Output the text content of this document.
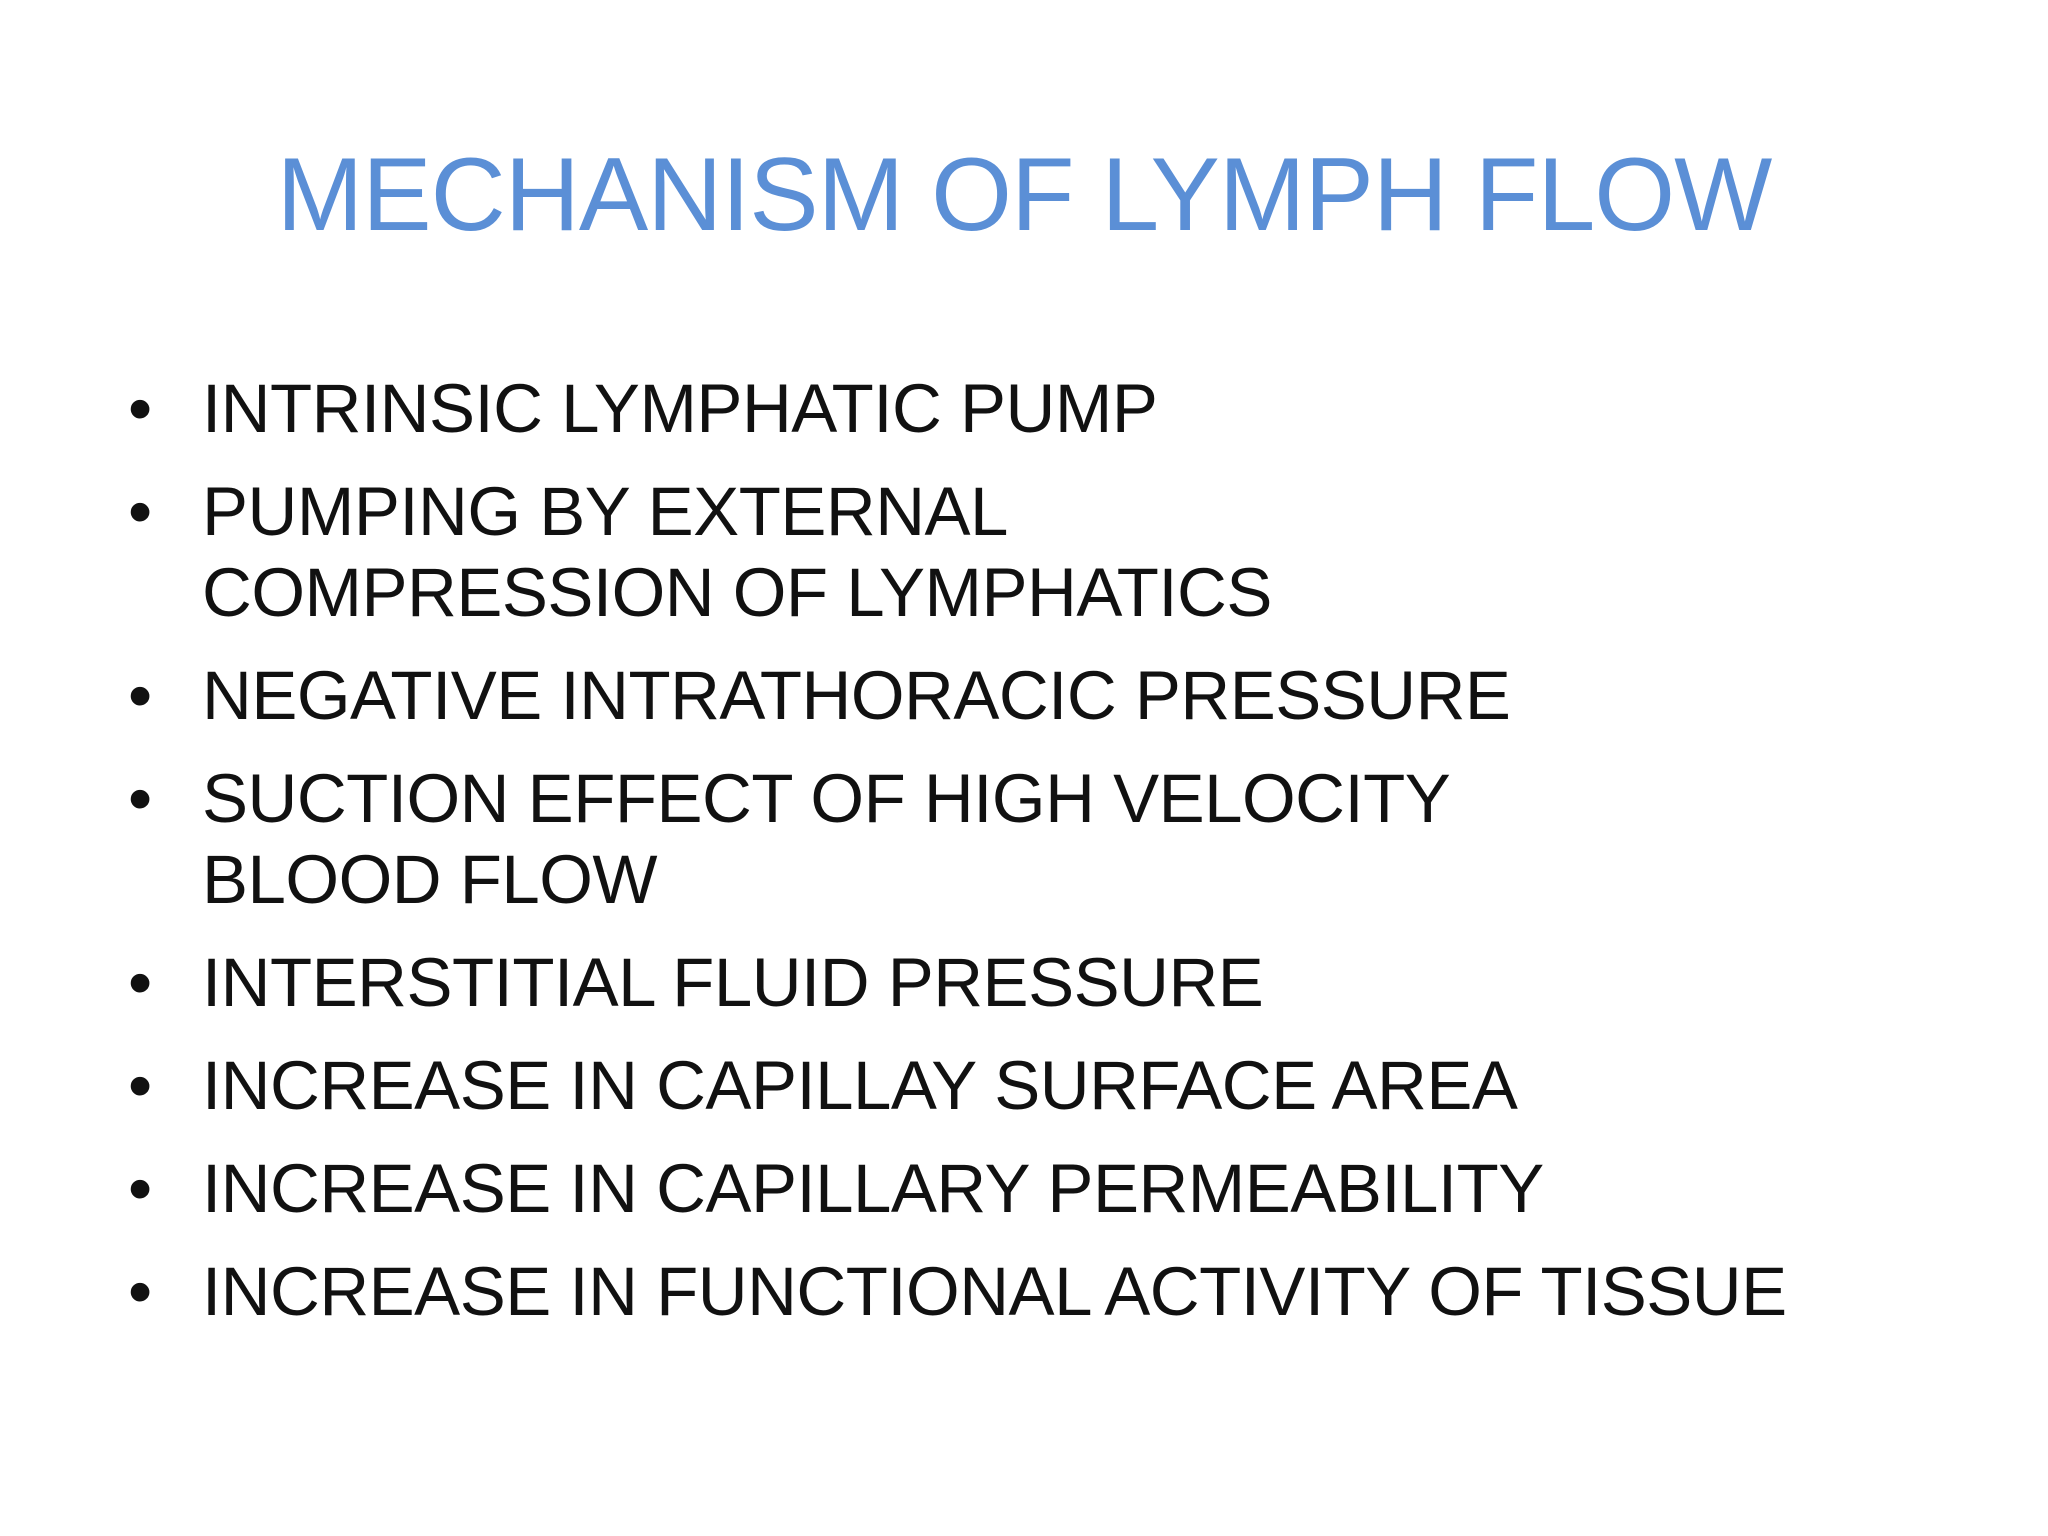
MECHANISM OF LYMPH FLOW
• INTRINSIC LYMPHATIC PUMP
• PUMPING BY EXTERNAL COMPRESSION OF LYMPHATICS
• NEGATIVE INTRATHORACIC PRESSURE
• SUCTION EFFECT OF HIGH VELOCITY BLOOD FLOW
• INTERSTITIAL FLUID PRESSURE
• INCREASE IN CAPILLAY SURFACE AREA
• INCREASE IN CAPILLARY PERMEABILITY
• INCREASE IN FUNCTIONAL ACTIVITY OF TISSUE
